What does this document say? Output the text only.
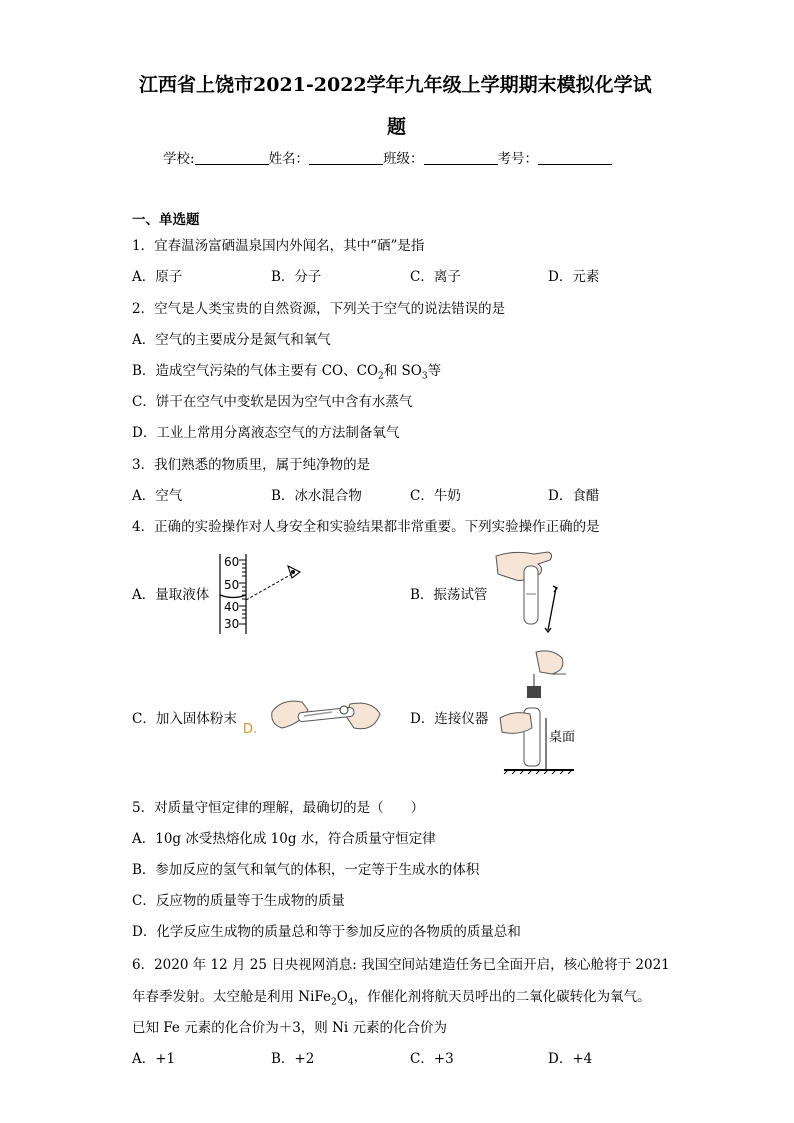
江西省上饶市2021-2022学年九年级上学期期末模拟化学试
题
学校:	姓名：	班级：	考号：
一、单选题
1．宜春温汤富硒温泉国内外闻名，其中“硒”是指
A．原子	B．分子	C．离子	D．元素
2．空气是人类宝贵的自然资源，下列关于空气的说法错误的是
A．空气的主要成分是氮气和氧气
B．造成空气污染的气体主要有 CO、$CO_2$和 $SO_3$等
C．饼干在空气中变软是因为空气中含有水蒸气
D．工业上常用分离液态空气的方法制备氧气
3．我们熟悉的物质里，属于纯净物的是
A．空气	B．冰水混合物	C．牛奶	D．食醋
4．正确的实验操作对人身安全和实验结果都非常重要。下列实验操作正确的是
A．量取液体
60
50
40
30
B．振荡试管
C．加入固体粉末
D.
D．连接仪器
桌面
5．对质量守恒定律的理解，最确切的是（　　）
A．10g 冰受热熔化成 10g 水，符合质量守恒定律
B．参加反应的氢气和氧气的体积，一定等于生成水的体积
C．反应物的质量等于生成物的质量
D．化学反应生成物的质量总和等于参加反应的各物质的质量总和
6．2020 年 12 月 25 日央视网消息: 我国空间站建造任务已全面开启，核心舱将于 2021
年春季发射。太空舱是利用 $NiFe_2O_4$，作催化剂将航天员呼出的二氧化碳转化为氧气。
已知 Fe 元素的化合价为＋3，则 Ni 元素的化合价为
A．+1	B．+2	C．+3	D．+4
